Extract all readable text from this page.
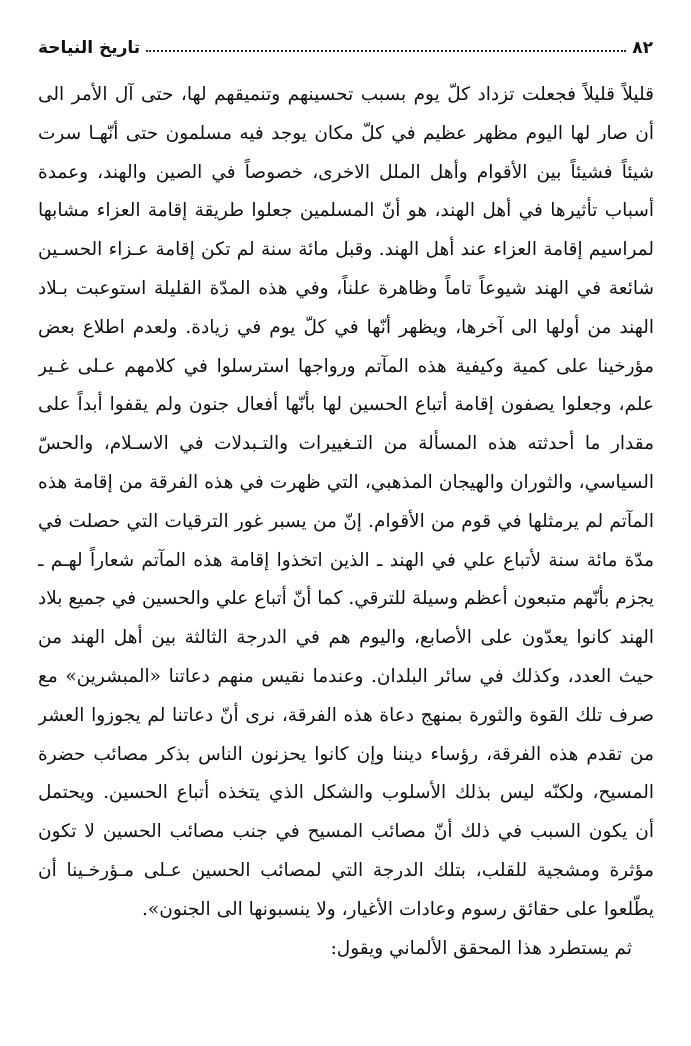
٨٢
تاريخ النياحة
قليلاً قليلاً فجعلت تزداد كلّ يوم بسبب تحسينهم وتنميقهم لها، حتى آل الأمر الى
أن صار لها اليوم مظهر عظيم في كلّ مكان يوجد فيه مسلمون حتى أنّهـا سرت
شيئاً فشيئاً بين الأقوام وأهل الملل الاخرى، خصوصاً في الصين والهند، وعمدة
أسباب تأثيرها في أهل الهند، هو أنّ المسلمين جعلوا طريقة إقامة العزاء مشابها
لمراسيم إقامة العزاء عند أهل الهند. وقبل مائة سنة لم تكن إقامة عـزاء الحسـين
شائعة في الهند شيوعاً تاماً وظاهرة علناً، وفي هذه المدّة القليلة استوعبت بـلاد
الهند من أولها الى آخرها، ويظهر أنّها في كلّ يوم في زيادة. ولعدم اطلاع بعض
مؤرخينا على كمية وكيفية هذه المآتم ورواجها استرسلوا في كلامهم عـلى غـير
علم، وجعلوا يصفون إقامة أتباع الحسين لها بأنّها أفعال جنون ولم يقفوا أبداً على
مقدار ما أحدثته هذه المسألة من التـغييرات والتـبدلات في الاسـلام، والحسّ
السياسي، والثوران والهيجان المذهبي، التي ظهرت في هذه الفرقة من إقامة هذه
المآتم لم يرمثلها في قوم من الأقوام. إنّ من يسبر غور الترقيات التي حصلت في
مدّة مائة سنة لأتباع علي في الهند ـ الذين اتخذوا إقامة هذه المآتم شعاراً لهـم ـ
يجزم بأنّهم متبعون أعظم وسيلة للترقي. كما أنّ أتباع علي والحسين في جميع بلاد
الهند كانوا يعدّون على الأصابع، واليوم هم في الدرجة الثالثة بين أهل الهند من
حيث العدد، وكذلك في سائر البلدان. وعندما نقيس منهم دعاتنا «المبشرين» مع
صرف تلك القوة والثورة بمنهج دعاة هذه الفرقة، نرى أنّ دعاتنا لم يجوزوا العشر
من تقدم هذه الفرقة، رؤساء ديننا وإن كانوا يحزنون الناس بذكر مصائب حضرة
المسيح، ولكنّه ليس بذلك الأسلوب والشكل الذي يتخذه أتباع الحسين. ويحتمل
أن يكون السبب في ذلك أنّ مصائب المسيح في جنب مصائب الحسين لا تكون
مؤثرة ومشجية للقلب، بتلك الدرجة التي لمصائب الحسين عـلى مـؤرخـينا أن
يطّلعوا على حقائق رسوم وعادات الأغيار، ولا ينسبونها الى الجنون».
ثم يستطرد هذا المحقق الألماني ويقول:
